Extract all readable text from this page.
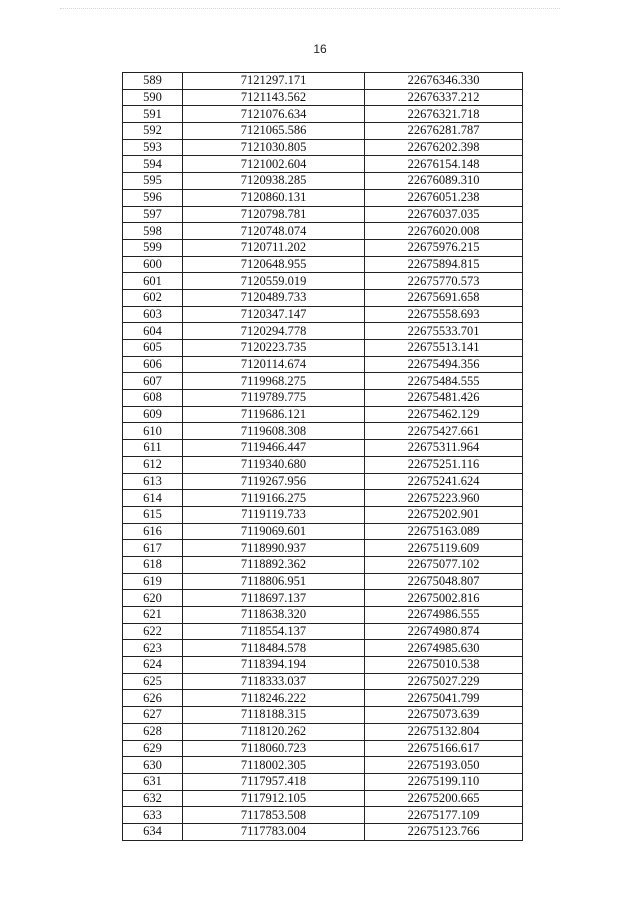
16
589	7121297.171	22676346.330
590	7121143.562	22676337.212
591	7121076.634	22676321.718
592	7121065.586	22676281.787
593	7121030.805	22676202.398
594	7121002.604	22676154.148
595	7120938.285	22676089.310
596	7120860.131	22676051.238
597	7120798.781	22676037.035
598	7120748.074	22676020.008
599	7120711.202	22675976.215
600	7120648.955	22675894.815
601	7120559.019	22675770.573
602	7120489.733	22675691.658
603	7120347.147	22675558.693
604	7120294.778	22675533.701
605	7120223.735	22675513.141
606	7120114.674	22675494.356
607	7119968.275	22675484.555
608	7119789.775	22675481.426
609	7119686.121	22675462.129
610	7119608.308	22675427.661
611	7119466.447	22675311.964
612	7119340.680	22675251.116
613	7119267.956	22675241.624
614	7119166.275	22675223.960
615	7119119.733	22675202.901
616	7119069.601	22675163.089
617	7118990.937	22675119.609
618	7118892.362	22675077.102
619	7118806.951	22675048.807
620	7118697.137	22675002.816
621	7118638.320	22674986.555
622	7118554.137	22674980.874
623	7118484.578	22674985.630
624	7118394.194	22675010.538
625	7118333.037	22675027.229
626	7118246.222	22675041.799
627	7118188.315	22675073.639
628	7118120.262	22675132.804
629	7118060.723	22675166.617
630	7118002.305	22675193.050
631	7117957.418	22675199.110
632	7117912.105	22675200.665
633	7117853.508	22675177.109
634	7117783.004	22675123.766
